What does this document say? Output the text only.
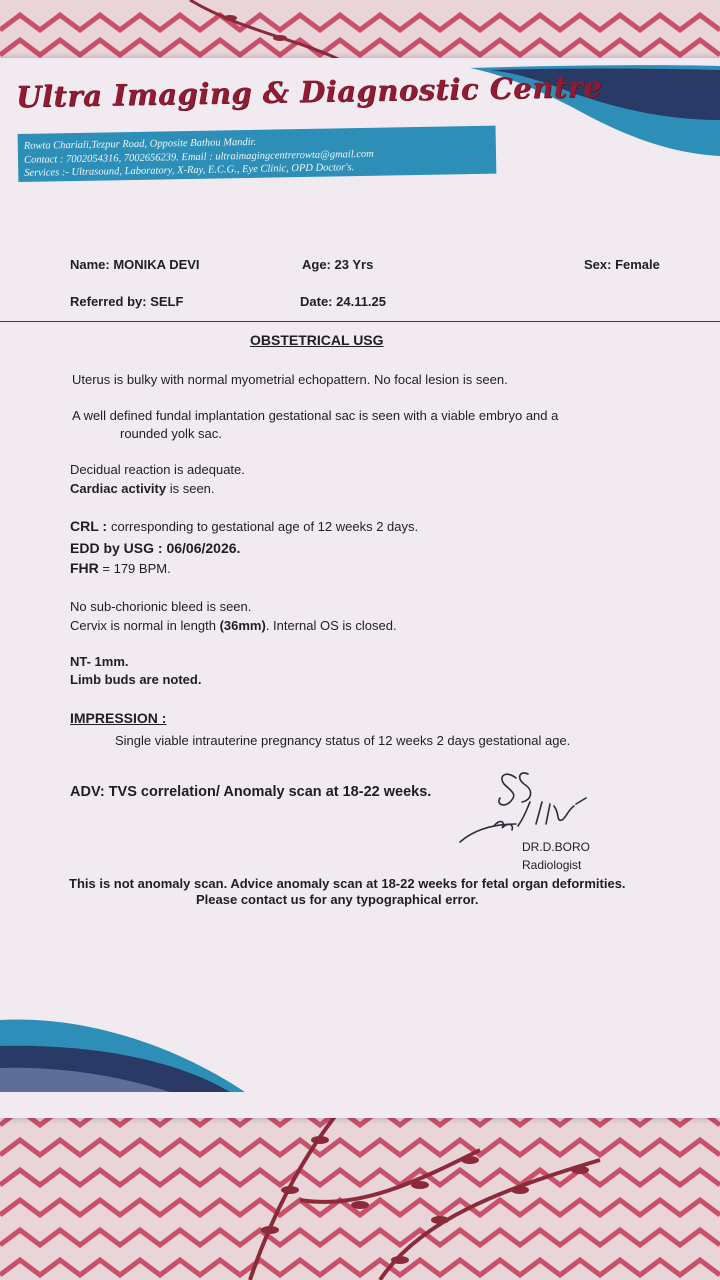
Ultra Imaging & Diagnostic Centre
Rowta Chariali,Tezpur Road, Opposite Bathou Mandir.
Contact : 7002054316, 7002656239. Email : ultraimagingcentrerowta@gmail.com
Services :- Ultrasound, Laboratory, X-Ray, E.C.G., Eye Clinic, OPD Doctor's.
Name: MONIKA DEVI	Age: 23 Yrs	Sex: Female
Referred by: SELF	Date: 24.11.25
OBSTETRICAL USG
Uterus is bulky with normal myometrial echopattern. No focal lesion is seen.
A well defined fundal implantation gestational sac is seen with a viable embryo and a
rounded yolk sac.
Decidual reaction is adequate.
Cardiac activity is seen.
CRL : corresponding to gestational age of 12 weeks 2 days.
EDD by USG : 06/06/2026.
FHR = 179 BPM.
No sub-chorionic bleed is seen.
Cervix is normal in length (36mm). Internal OS is closed.
NT- 1mm.
Limb buds are noted.
IMPRESSION :
Single viable intrauterine pregnancy status of 12 weeks 2 days gestational age.
ADV: TVS correlation/ Anomaly scan at 18-22 weeks.
DR.D.BORO
Radiologist
This is not anomaly scan. Advice anomaly scan at 18-22 weeks for fetal organ deformities.
Please contact us for any typographical error.
